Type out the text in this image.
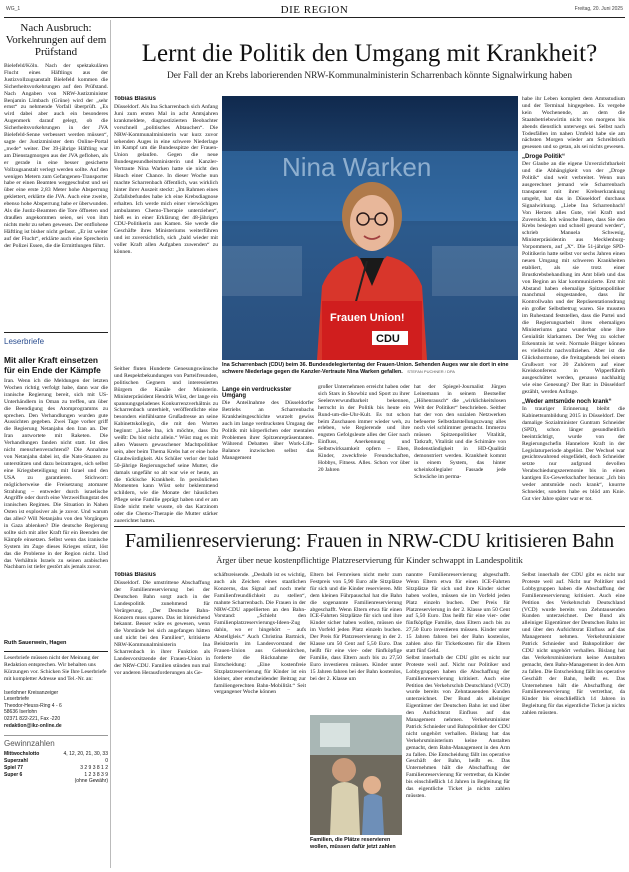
WG_1	DIE REGION	Freitag, 20. Juni 2025
Nach Ausbruch: Vorkehrungen auf dem Prüfstand

Bielefeld/Köln. Nach der spektakulären Flucht eines Häftlings aus der Justizvollzugsanstalt Bielefeld kommen die Sicherheitsvorkehrungen auf den Prüfstand. Nach Angaben von NRW-Justizminister Benjamin Limbach (Grüne) wird der „sehr ernst“ zu nehmende Vorfall überprüft. „Es wird dabei aber auch ein besonderes Augenmerk darauf gelegt, ob die Sicherheitsvorkehrungen in der JVA Bielefeld-Senne verbessert werden müssen“, sagte der Justizminister dem Online-Portal „nwde“ weiter. Der 39-jährige Häftling war am Dienstagmorgen aus der JVA geflohen, als er gerade in eine besser gesicherte Vollzugsanstalt verlegt werden sollte. Auf den wenigen Metern zum Gefangenen-Transporter habe er einen Beamten weggeschubst und sei über eine erste 2,83 Meter hohe Absperrung geklettert, erklärte die JVA. Auch eine zweite, ebenso hohe Absperrung habe er überwunden. Als die Justiz-Beamten die Tore öffneten und draußen angekommen seien, sei von ihm nichts mehr zu sehen gewesen. Der entflohene Häftling ist bisher nicht gefasst. „Er ist weiter auf der Flucht“, erklärte auch eine Sprecherin der Polizei Essen, die die Ermittlungen führt.

Leserbriefe
Mit aller Kraft einsetzen für ein Ende der Kämpfe

Iran. Wenn ich die Meldungen der letzten Wochen richtig verfolgt habe, dann war die iranische Regierung bereit, sich mit US-Unterhändlern in Oman zu treffen, um über die Beendigung des Atomprogramms zu sprechen. Den Verhandlungen wurden gute Aussichten gegeben. Zwei Tage vorher griff die Regierung Netanjahu den Iran an. Der Iran antwortete mit Raketen. Die Verhandlungen fanden nicht statt. Ist dies nicht menschenverachtend? Die Annahme von Netanjahu dabei ist, die Nato-Staaten zu unterstützen und dazu beizutragen, sich selbst eine Kriegsbeteiligung mit Israel und den USA zu garantieren. Stichwort: möglicherweise die Freisetzung atomarer Strahlung – entweder durch israelische Angriffe oder durch eine Verzweiflungstat des iranischen Regimes. Die Situation in Nahen Osten ist explosiver als je zuvor. Und warum das alles? Will Netanjahu von den Vorgängen in Gaza ablenken? Die deutsche Regierung sollte sich mit aller Kraft für ein Beenden der Kämpfe einsetzen. Selbst wenn das iranische System im Zuge dieses Krieges stürzt, löst das die Probleme in der Region nicht. Und das Verhältnis Israels zu seinen arabischen Nachbarn ist tiefer gestört als jemals zuvor.

Ruth Sauerwein, Hagen

Leserbriefe müssen nicht der Meinung der Redaktion entsprechen. Wir behalten uns Kürzungen vor. Schicken Sie Ihre Leserbriefe mit kompletter Adresse und Tel.-Nr. an:

Iserlohner Kreisanzeiger
Leserbriefe
Theodor-Heuss-Ring 4 - 6
58636 Iserlohn
02371 822-221, Fax -220
redaktion@ikz-online.de
Gewinnzahlen
Mittwochslotto	4, 12, 20, 21, 30, 33
Superzahl	0
Spiel 77	3 2 9 3 8 1 2
Super 6	1 2 3 8 3 9
(ohne Gewähr)
Lernt die Politik den Umgang mit Krankheit?
Der Fall der an Krebs laborierenden NRW-Kommunalministerin Scharrenbach könnte Signalwirkung haben
Tobias Blasius

Düsseldorf. Als Ina Scharrenbach sich Anfang Juni zum ersten Mal in acht Amtsjahren krankmeldete, diagnostizierten Beobachter vorschnell „politisches Abtauchen“. Die NRW-Kommunalministerin war kurz zuvor sehenden Auges in eine schwere Niederlage im Kampf um die Bundesspitze der Frauen-Union gelaufen. Gegen die neue Bundesgesundheitsministerin und Kanzler-Vertraute Nina Warken hatte sie nicht den Hauch einer Chance. In dieser Woche nun machte Scharrenbach öffentlich, was wirklich hinter ihrer Auszeit steckt: „Im Rahmen eines Zufallsbefundes habe ich eine Krebsdiagnose erhalten. Ich werde mich einer vierwöchigen ambulanten Chemo-Therapie unterziehen“, hieß es in einer Erklärung der 48-jährigen CDU-Politikerin aus Kamen. Sie werde die Geschäfte ihres Ministeriums weiterführen und ist zuversichtlich, sich „bald wieder mit voller Kraft allen Aufgaben zuwenden“ zu können.

Nina Warken
Frauen Union!
CDU
Ina Scharrenbach (CDU) beim 36. Bundesdelegiertentag der Frauen-Union. Sehenden Auges war sie dort in eine schwere Niederlage gegen die Kanzler-Vertraute Nina Warken gefallen. STEFAN PUCHNER / DPA

Seither fluten Hunderte Genesungswünsche und Respektbekundungen von Parteifreunden, politischen Gegnern und interessierten Bürgern die Kanäle der Ministerin. Ministerpräsident Hendrik Wüst, der lange ein spannungsgeladenes Konkurrenzverhältnis zu Scharrenbach unterhielt, veröffentlichte eine besonders einfühlsame Grußadresse an seine Kabinettskollegin, die mit den Worten beginnt: „Liebe Ina, ich möchte, dass Du weißt: Du bist nicht allein.“ Wüst mag es mit allen Wassern gewaschener Machtpolitiker sein, aber beim Thema Krebs hat er eine hohe Glaubwürdigkeit. Als Schüler verlor der bald 50-jährige Regierungschef seine Mutter, die damals ungefähr so alt war wie er heute, an die tückische Krankheit. In persönlichen Momenten kann Wüst sehr beklemmend schildern, wie die Monate der häuslichen Pflege seine Familie geprägt haben und er am Ende nicht mehr wusste, ob das Karzinom oder die Chemo-Therapie die Mutter stärker zugerichtet hatten.

Lange ein verdrucksster Umgang

Die Anteilnahme des Düsseldorfer Betriebs an Scharrenbachs Krankheitsgeschichte wurzelt gewiss auch im lange verdrucksten Umgang der Politik mit körperlichen oder mentalen Problemen ihrer Spitzenrepräsentanten. Während Debatten über Work-Life-Balance inzwischen selbst das Management

großer Unternehmen erreicht haben oder sich Stars in Showbiz und Sport zu ihrer Seelenverwundbarkeit bekennen, herrscht in der Politik bis heute ein Rund-um-die-Uhr-Kult. Es tut schon beim Zuschauen immer wieder weh, zu erleben, wie Regierende und ihre engsten Gefolgsleute alles der Gier nach Einfluss, Anerkennung und Selbstwirksamkeit opfern – Ehen, Kinder, zweckfreie Freundschaften, Hobbys, Fitness. Alles. Schon vor über 20 Jahren

hat der Spiegel-Journalist Jürgen Leinemann in seinem Bestseller „Höhenrausch“ die „wirklichkeitslosen Welt der Politiker“ beschrieben. Seither hat der von den sozialen Netzwerken befeuerte Selbstdarstellungszwang alles noch viel schlimmer gemacht. Immerzu müssen Spitzenpolitiker Vitalität, Tatkraft, Vitalität und die Schimäre von Bodenständigkeit in HD-Qualität demonstriert werden. Krankheit kommt in einem System, das hinter scheinkollegialer Fassade jede Schwäche im perma-

habe ihr Leben komplett dem Amtsstudium und der Terminal hingegeben. Es vergehe kein Wochenende, an dem die Staatsbetriebswirtin nicht von morgens bis abends dienstlich unterwegs sei. Selbst nach Todesfällen im nahen Umfeld habe sie am nächsten Morgen wieder am Schreibtisch gesessen und so getan, als sei nichts gewesen.

„Droge Politik“

Der Glaube an die eigene Unverzichtbarkeit und die Abhängigkeit von der „Droge Politik“ sind weit verbreitet. Wenn nun ausgerechnet jemand wie Scharrenbach transparent mit ihrer Krebserkrankung umgeht, hat das in Düsseldorf durchaus Signalwirkung. „Liebe Ina Scharrenbach! Von Herzen alles Gute, viel Kraft und Zuversicht. Ich wünsche Ihnen, dass Sie den Krebs besiegen und schnell gesund werden“, schrieb Manuela Schwesig, Ministerpräsidentin aus Mecklenburg-Vorpommern, auf „X“. Die 51-jährige SPD-Politikerin hatte selbst vor sechs Jahren einen neuen Umgang mit schweren Krankheiten etabliert, als sie trotz einer Brustkrebsbehandlung im Amt blieb und das von Beginn an klar kommunizierte. Erst mit Abstand haben ehemalige Spitzenpolitiker manchmal eingestanden, dass ihr Kontrollwahn und der Repräsentationsdrang ein großer Selbstbetrug waren. Sie mussten im Ruhestand feststellen, dass die Partei und die Regierungsarbeit ihres ehemaligen Ministeriums ganz wunderbar ohne ihre Genialität klarkamen. Der Weg zu solcher Erkenntnis ist weit. Normale Bürger können es vielleicht nachvollziehen. Aber ist die Glückshormone, die freitagabends bei einem Grußwort vor 20 Zuhörern auf einer Kreiskonferenz in Wipperführth ausgeschüttet werden, genauso nachhaltig wie eine Genesung? Der Rat: in Düsseldorf gezählt, werden Anfrage.

„Weder amtsmüde noch krank“

In trauriger Erinnerung bleibt die Kabinettsumbildung 2015 in Düsseldorf. Der damalige Sozialminister Guntram Schneider (SPD), schon länger gesundheitlich beeinträchtigt, wurde von der Regierungschefin Hannelore Kraft in der Legislaturperiode abgelöst. Der Wechsel war gesichtswahrend eingefädelt, doch Schneider setzte nur aufgrund devollen Verabschiedungszeremonie bis in einen kantigen Ex-Gewerkschafter heraus: „Ich bin weder amtsmüde noch krank“, knurrte Schneider, sondern habe es blöd am Knie. Gut vier Jahre später war er tot.

Familienreservierung: Frauen in NRW-CDU kritisieren Bahn
Ärger über neue kostenpflichtige Platzreservierung für Kinder schwappt in Landespolitik
Tobias Blasius

Düsseldorf. Die umstrittene Abschaffung der Familienreservierung bei der Deutschen Bahn sorgt auch in der Landespolitik zunehmend für Verärgerung. „Der Deutsche Bahn-Konzern muss sparen. Das ist hinreichend bekannt. Besser wäre es gewesen, wenn die Vorstände bei sich angefangen hätten und nicht bei den Familien“, kritisierte NRW-Kommunalministerin Ina Scharrenbach in ihrer Funktion als Landesvorsitzende der Frauen-Union in der NRW-CDU. Familien stünden nun mal vor anderen Herausforderungen als Ge-

schäftsreisende. „Deshalb ist es wichtig, auch als Zeichen eines staatlichen Konzerns, das Signal auf noch mehr Familienfreundlichkeit zu stellen“, mahnte Scharrenbach. Die Frauen in der NRW-CDU appellierten an den Bahn-Vorstand: „Schieht den Familienplatzreservierungs-Ideen-Zug dahin, wo er hingehört – aufs Abstellgleis.“ Auch Christina Bartnick, Beisitzerin im Landesvorstand der Frauen-Union aus Gelsenkirchen, forderte die Rücknahme der Entscheidung: „Eine kostenfreie Sitzplatzreservierung für Kinder ist ein kleiner, aber entscheidender Beitrag zur familiengerechten Bahn-Mobilität.“ Seit vergangener Woche können

Eltern bei Fernreisen nicht mehr zum Festpreis von 5,90 Euro alle Sitzplätze für sich und die Kinder reservieren. Mit dem kleinen Führpauschal hat die Bahn die sogenannte Familienreservierung abgeschafft. Wenn Eltern etwa für einen ICE-Fahrten Sitzplätze für sich und ihre Kinder sicher haben wollen, müssen sie im Vorfeld jeden Platz einzeln buchen. Der Preis für Platzreservierung in der 2. Klasse um 50 Cent auf 5,50 Euro. Das heißt für eine vier- oder fünfköpfige Familie, dass Eltern auch bis zu 27,50 Euro investieren müssen. Kinder unter 15 Jahren fahren bei der Bahn kostenlos, bei der 2. Klasse um

Familien, die Plätze reservieren wollen, müssen dafür jetzt zahlen

nanntre Familienreservierung abgeschafft. Wenn Eltern etwa für einen ICE-Fahrten Sitzplätze für sich und ihre Kinder sicher haben wollen, müssen sie im Vorfeld jeden Platz einzeln buchen. Der Preis für Platzreservierung in der 2. Klasse um 50 Cent auf 5,50 Euro. Das heißt für eine vier- oder fünfköpfige Familie, dass Eltern auch bis zu 27,50 Euro investieren müssen. Kinder unter 15 Jahren fahren bei der Bahn kostenlos, zahlen also für Ticketkosten für die Eltern statt fünf Geld.

Selbst innerhalb der CDU gibt es nicht nur Proteste weil auf. Nicht nur Politiker und Lobbygruppen haben die Abschaffung der Familienreservierung kritisiert. Auch eine Petition des Verkehrsclub Deutschland (VCD) wurde bereits von Zehntausenden Kunden unterzeichnet. Der Bund als alleiniger Eigentümer der Deutschen Bahn ist und über den Aufsichtsrat Einfluss auf das Management nehmen. Verkehrsminister Patrick Schnieder und Bahnpolitiker der CDU nicht ungehört verhallen. Bislang hat das Verkehrsministerium keine Anstalten gemacht, dem Bahn-Management in den Arm zu fallen. Die Entscheidung fällt ins operative Geschäft der Bahn, heißt es. Das Unternehmen hält die Abschaffung der Familienreservierung für vertretbar, da Kinder bis einschließlich 14 Jahren in Begleitung für das eigentliche Ticket ja nichts zahlen müssten.

Selbst innerhalb der CDU gibt es nicht nur Proteste weil auf. Nicht nur Politiker und Lobbygruppen haben die Abschaffung der Familienreservierung kritisiert. Auch eine Petition des Verkehrsclub Deutschland (VCD) wurde bereits von Zehntausenden Kunden unterzeichnet. Der Bund als alleiniger Eigentümer der Deutschen Bahn ist und über den Aufsichtsrat Einfluss auf das Management nehmen. Verkehrsminister Patrick Schnieder und Bahnpolitiker der CDU nicht ungehört verhallen. Bislang hat das Verkehrsministerium keine Anstalten gemacht, dem Bahn-Management in den Arm zu fallen. Die Entscheidung fällt ins operative Geschäft der Bahn, heißt es. Das Unternehmen hält die Abschaffung der Familienreservierung für vertretbar, da Kinder bis einschließlich 14 Jahren in Begleitung für das eigentliche Ticket ja nichts zahlen müssten.
